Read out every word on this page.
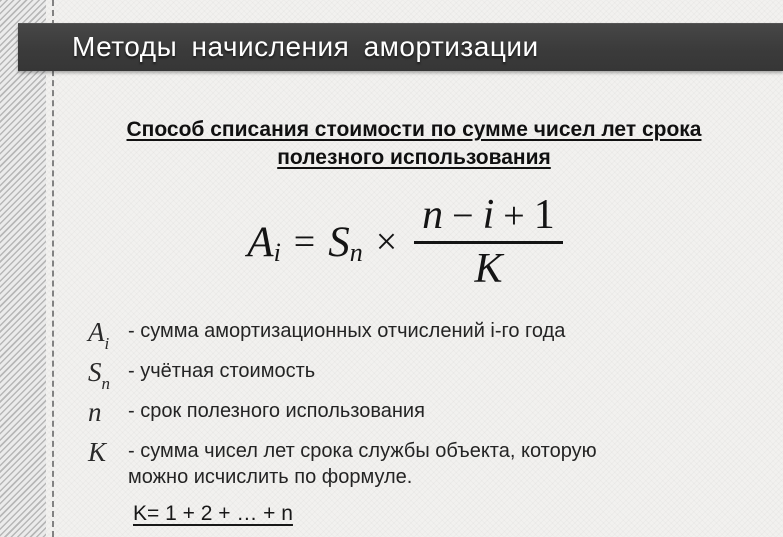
Методы начисления амортизации
Способ списания стоимости по сумме чисел лет срока
полезного использования
A i = S $n \times \frac{n - i + 1}{K}$
$A_i$
- сумма амортизационных отчислений i-го года
$S_n$
- учётная стоимость
n	- срок полезного использования
K	- сумма чисел лет срока службы объекта, которую
можно исчислить по формуле.
K= 1 + 2 + … + n
